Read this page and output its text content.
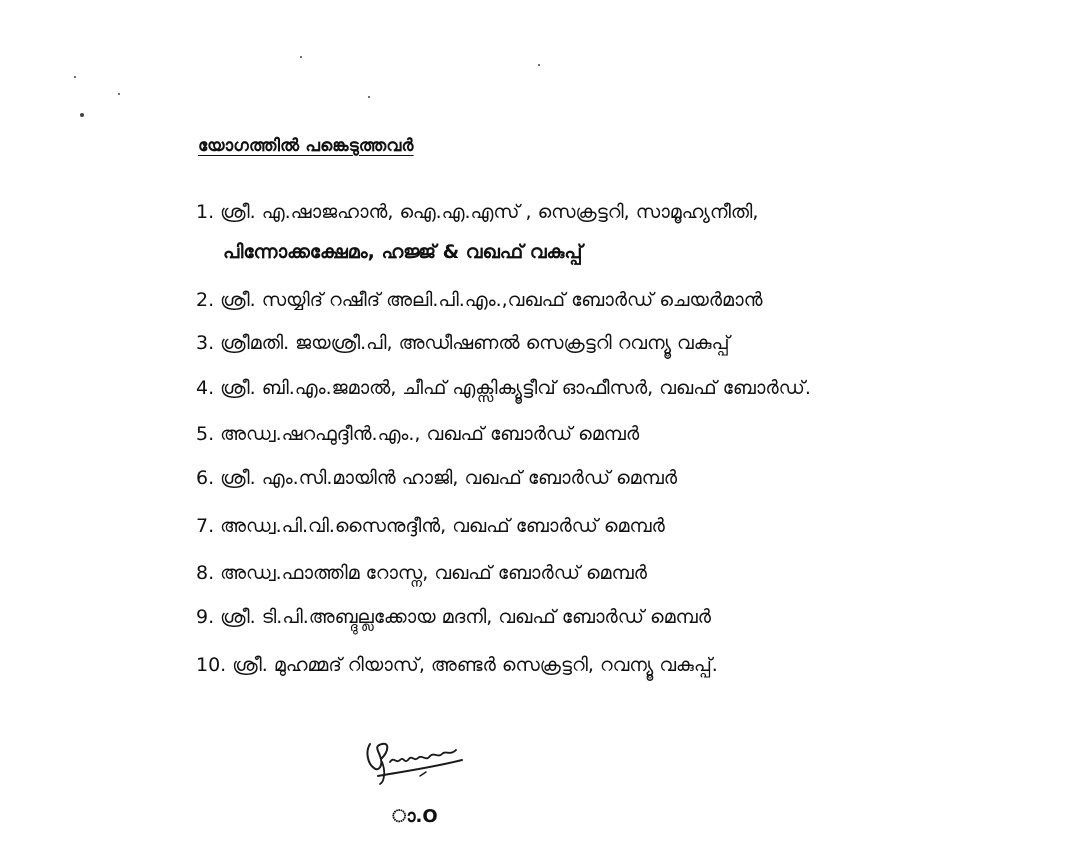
യോഗത്തിൽ പങ്കെടുത്തവർ
1. ശ്രീ. എ.ഷാജഹാൻ, ഐ.എ.എസ് , സെക്രട്ടറി, സാമൂഹ്യനീതി,
പിന്നോക്കക്ഷേമം, ഹജ്ജ് & വഖഫ് വകുപ്പ്
2. ശ്രീ. സയ്യിദ് റഷീദ് അലി.പി.എം.,വഖഫ് ബോർഡ് ചെയർമാൻ
3. ശ്രീമതി. ജയശ്രീ.പി, അഡീഷണൽ സെക്രട്ടറി റവന്യൂ വകുപ്പ്
4. ശ്രീ. ബി.എം.ജമാൽ, ചീഫ് എക്സിക്യൂട്ടീവ് ഓഫീസർ, വഖഫ് ബോർഡ്.
5. അഡ്വ.ഷറഫുദ്ദീൻ.എം., വഖഫ് ബോർഡ് മെമ്പർ
6. ശ്രീ. എം.സി.മായിൻ ഹാജി, വഖഫ് ബോർഡ് മെമ്പർ
7. അഡ്വ.പി.വി.സൈനുദ്ദീൻ, വഖഫ് ബോർഡ് മെമ്പർ
8. അഡ്വ.ഫാത്തിമ റോസ്ന, വഖഫ് ബോർഡ് മെമ്പർ
9. ശ്രീ. ടി.പി.അബ്ദുല്ലക്കോയ മദനി, വഖഫ് ബോർഡ് മെമ്പർ
10. ശ്രീ. മുഹമ്മദ് റിയാസ്, അണ്ടർ സെക്രട്ടറി, റവന്യൂ വകുപ്പ്.
ാ.O
